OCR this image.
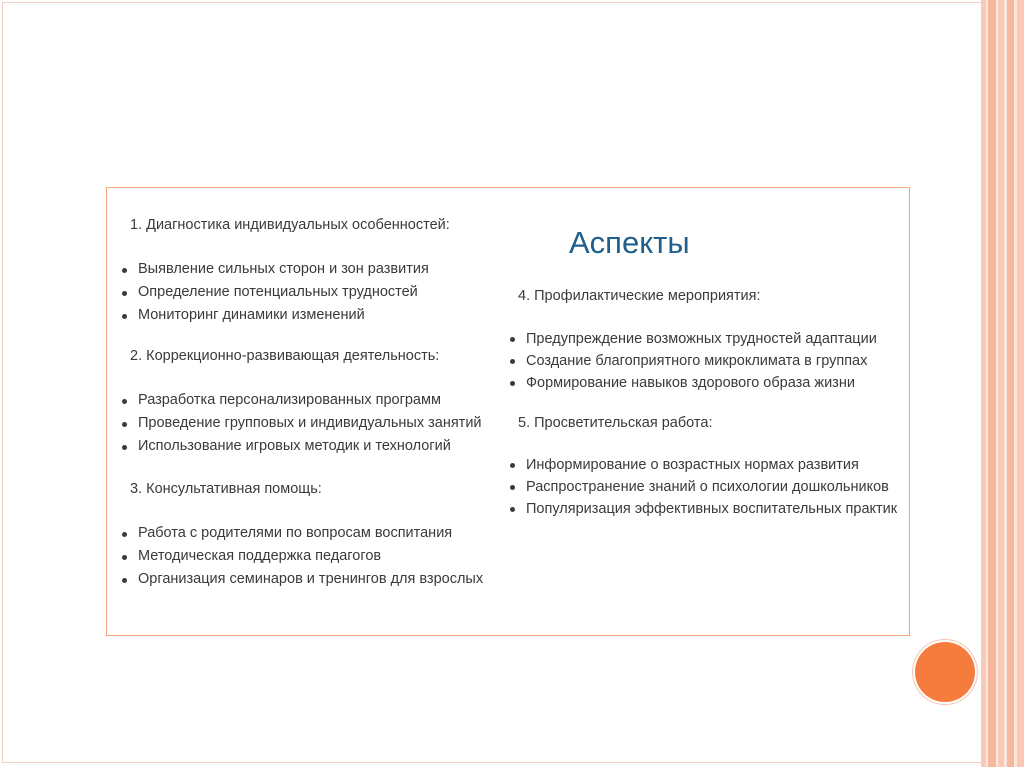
Аспекты
1. Диагностика индивидуальных особенностей:
Выявление сильных сторон и зон развития
Определение потенциальных трудностей
Мониторинг динамики изменений
2. Коррекционно-развивающая деятельность:
Разработка персонализированных программ
Проведение групповых и индивидуальных занятий
Использование игровых методик и технологий
3. Консультативная помощь:
Работа с родителями по вопросам воспитания
Методическая поддержка педагогов
Организация семинаров и тренингов для взрослых
4. Профилактические мероприятия:
Предупреждение возможных трудностей адаптации
Создание благоприятного микроклимата в группах
Формирование навыков здорового образа жизни
5. Просветительская работа:
Информирование о возрастных нормах развития
Распространение знаний о психологии дошкольников
Популяризация эффективных воспитательных практик
